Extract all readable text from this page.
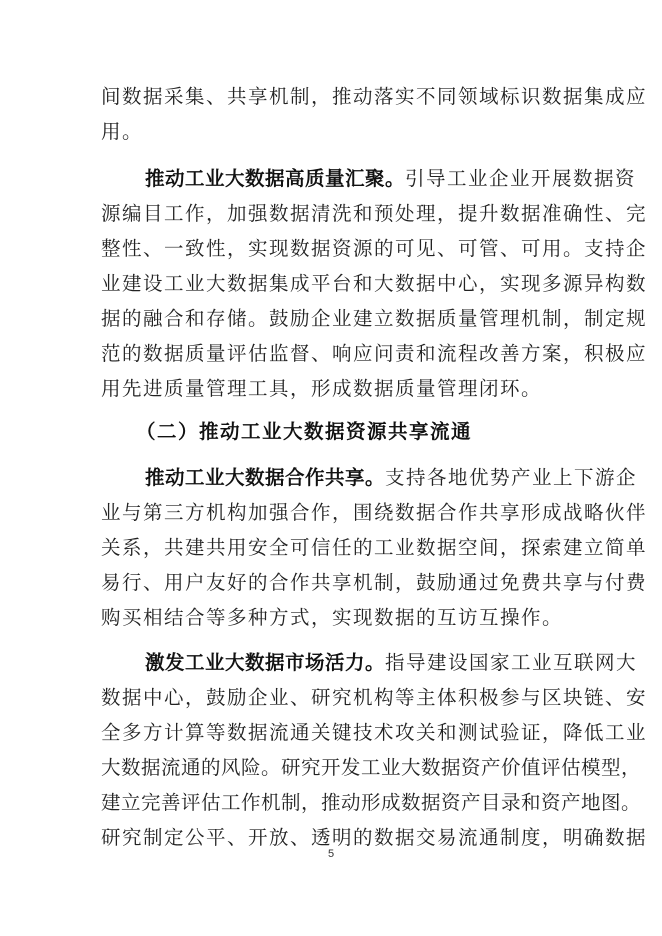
间数据采集、共享机制，推动落实不同领域标识数据集成应
用。
推动工业大数据高质量汇聚。引导工业企业开展数据资
源编目工作，加强数据清洗和预处理，提升数据准确性、完
整性、一致性，实现数据资源的可见、可管、可用。支持企
业建设工业大数据集成平台和大数据中心，实现多源异构数
据的融合和存储。鼓励企业建立数据质量管理机制，制定规
范的数据质量评估监督、响应问责和流程改善方案，积极应
用先进质量管理工具，形成数据质量管理闭环。
（二）推动工业大数据资源共享流通
推动工业大数据合作共享。支持各地优势产业上下游企
业与第三方机构加强合作，围绕数据合作共享形成战略伙伴
关系，共建共用安全可信任的工业数据空间，探索建立简单
易行、用户友好的合作共享机制，鼓励通过免费共享与付费
购买相结合等多种方式，实现数据的互访互操作。
激发工业大数据市场活力。指导建设国家工业互联网大
数据中心，鼓励企业、研究机构等主体积极参与区块链、安
全多方计算等数据流通关键技术攻关和测试验证，降低工业
大数据流通的风险。研究开发工业大数据资产价值评估模型，
建立完善评估工作机制，推动形成数据资产目录和资产地图。
研究制定公平、开放、透明的数据交易流通制度，明确数据
5
